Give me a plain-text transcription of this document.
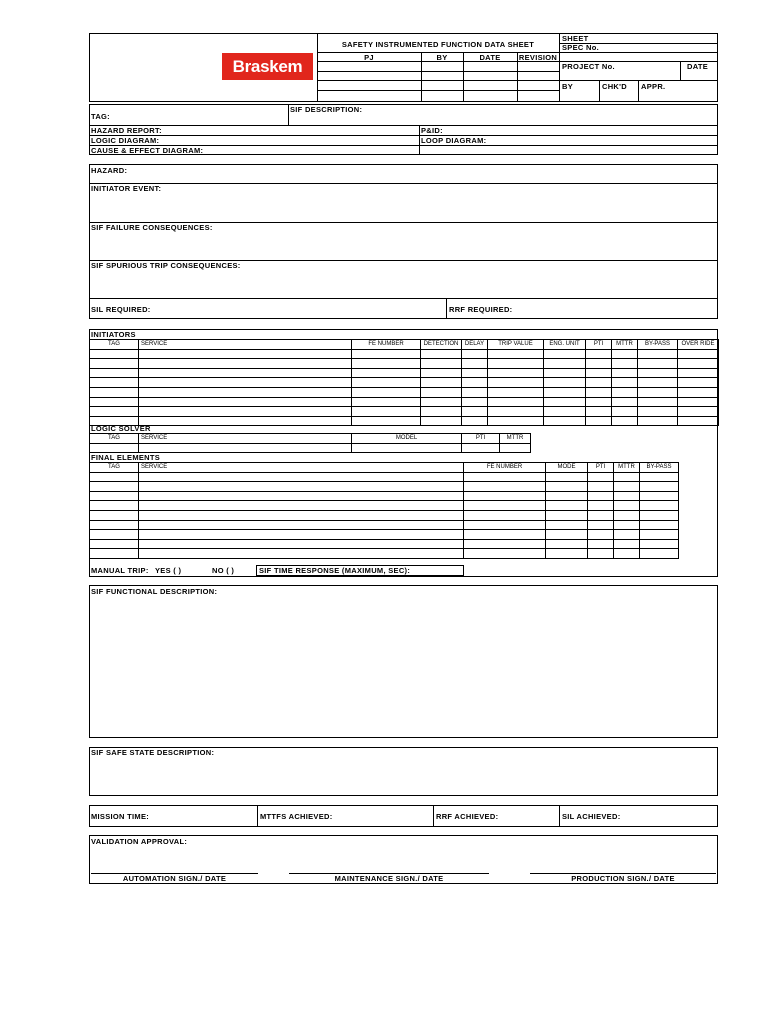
Braskem
SAFETY INSTRUMENTED FUNCTION DATA SHEET
PJ	BY	DATE	REVISION
SHEET
SPEC No.
PROJECT No.	DATE
BY	CHK'D APPR.
TAG:
SIF DESCRIPTION:
HAZARD REPORT:
LOGIC DIAGRAM:
CAUSE & EFFECT DIAGRAM:
P&ID:
LOOP DIAGRAM:
HAZARD:
INITIATOR EVENT:
SIF FAILURE CONSEQUENCES:
SIF SPURIOUS TRIP CONSEQUENCES:
SIL REQUIRED:	RRF REQUIRED:
INITIATORS
TAG	SERVICE	FE NUMBER	DETECTION	DELAY	TRIP VALUE	ENG. UNIT	PTI	MTTR	BY-PASS	OVER RIDE

LOGIC SOLVER
TAG	SERVICE	MODEL	PTI	MTTR

FINAL ELEMENTS
TAG	SERVICE	FE NUMBER	MODE	PTI	MTTR	BY-PASS

MANUAL TRIP: YES ( )	NO ( )	SIF TIME RESPONSE (MAXIMUM, SEC):
SIF FUNCTIONAL DESCRIPTION:
SIF SAFE STATE DESCRIPTION:
MISSION TIME:	MTTFS ACHIEVED:	RRF ACHIEVED:	SIL ACHIEVED:
VALIDATION APPROVAL:
AUTOMATION SIGN./ DATE	MAINTENANCE SIGN./ DATE	PRODUCTION SIGN./ DATE
